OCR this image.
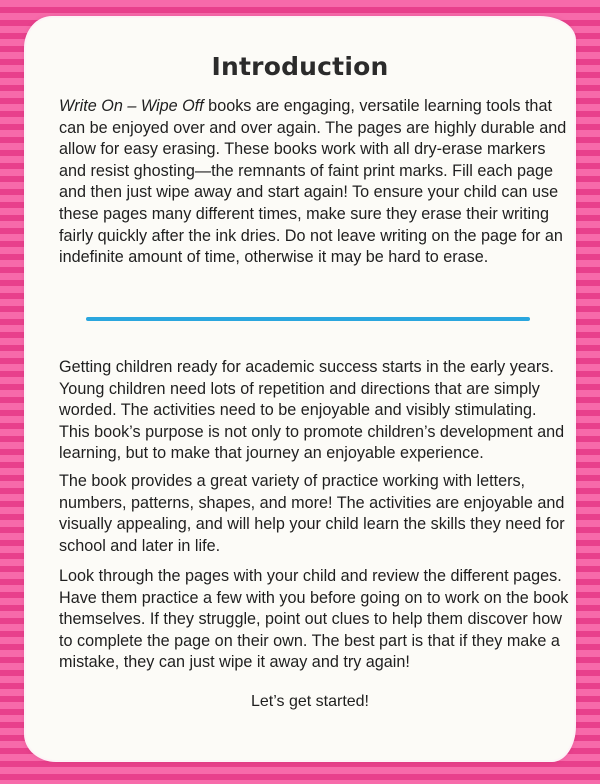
Introduction

Write On – Wipe Off books are engaging, versatile learning tools that can be enjoyed over and over again. The pages are highly durable and allow for easy erasing. These books work with all dry-erase markers and resist ghosting—the remnants of faint print marks. Fill each page and then just wipe away and start again! To ensure your child can use these pages many different times, make sure they erase their writing fairly quickly after the ink dries. Do not leave writing on the page for an indefinite amount of time, otherwise it may be hard to erase.

Getting children ready for academic success starts in the early years. Young children need lots of repetition and directions that are simply worded. The activities need to be enjoyable and visibly stimulating. This book’s purpose is not only to promote children’s development and learning, but to make that journey an enjoyable experience.

The book provides a great variety of practice working with letters, numbers, patterns, shapes, and more! The activities are enjoyable and visually appealing, and will help your child learn the skills they need for school and later in life.

Look through the pages with your child and review the different pages. Have them practice a few with you before going on to work on the book themselves. If they struggle, point out clues to help them discover how to complete the page on their own. The best part is that if they make a mistake, they can just wipe it away and try again!

Let’s get started!
